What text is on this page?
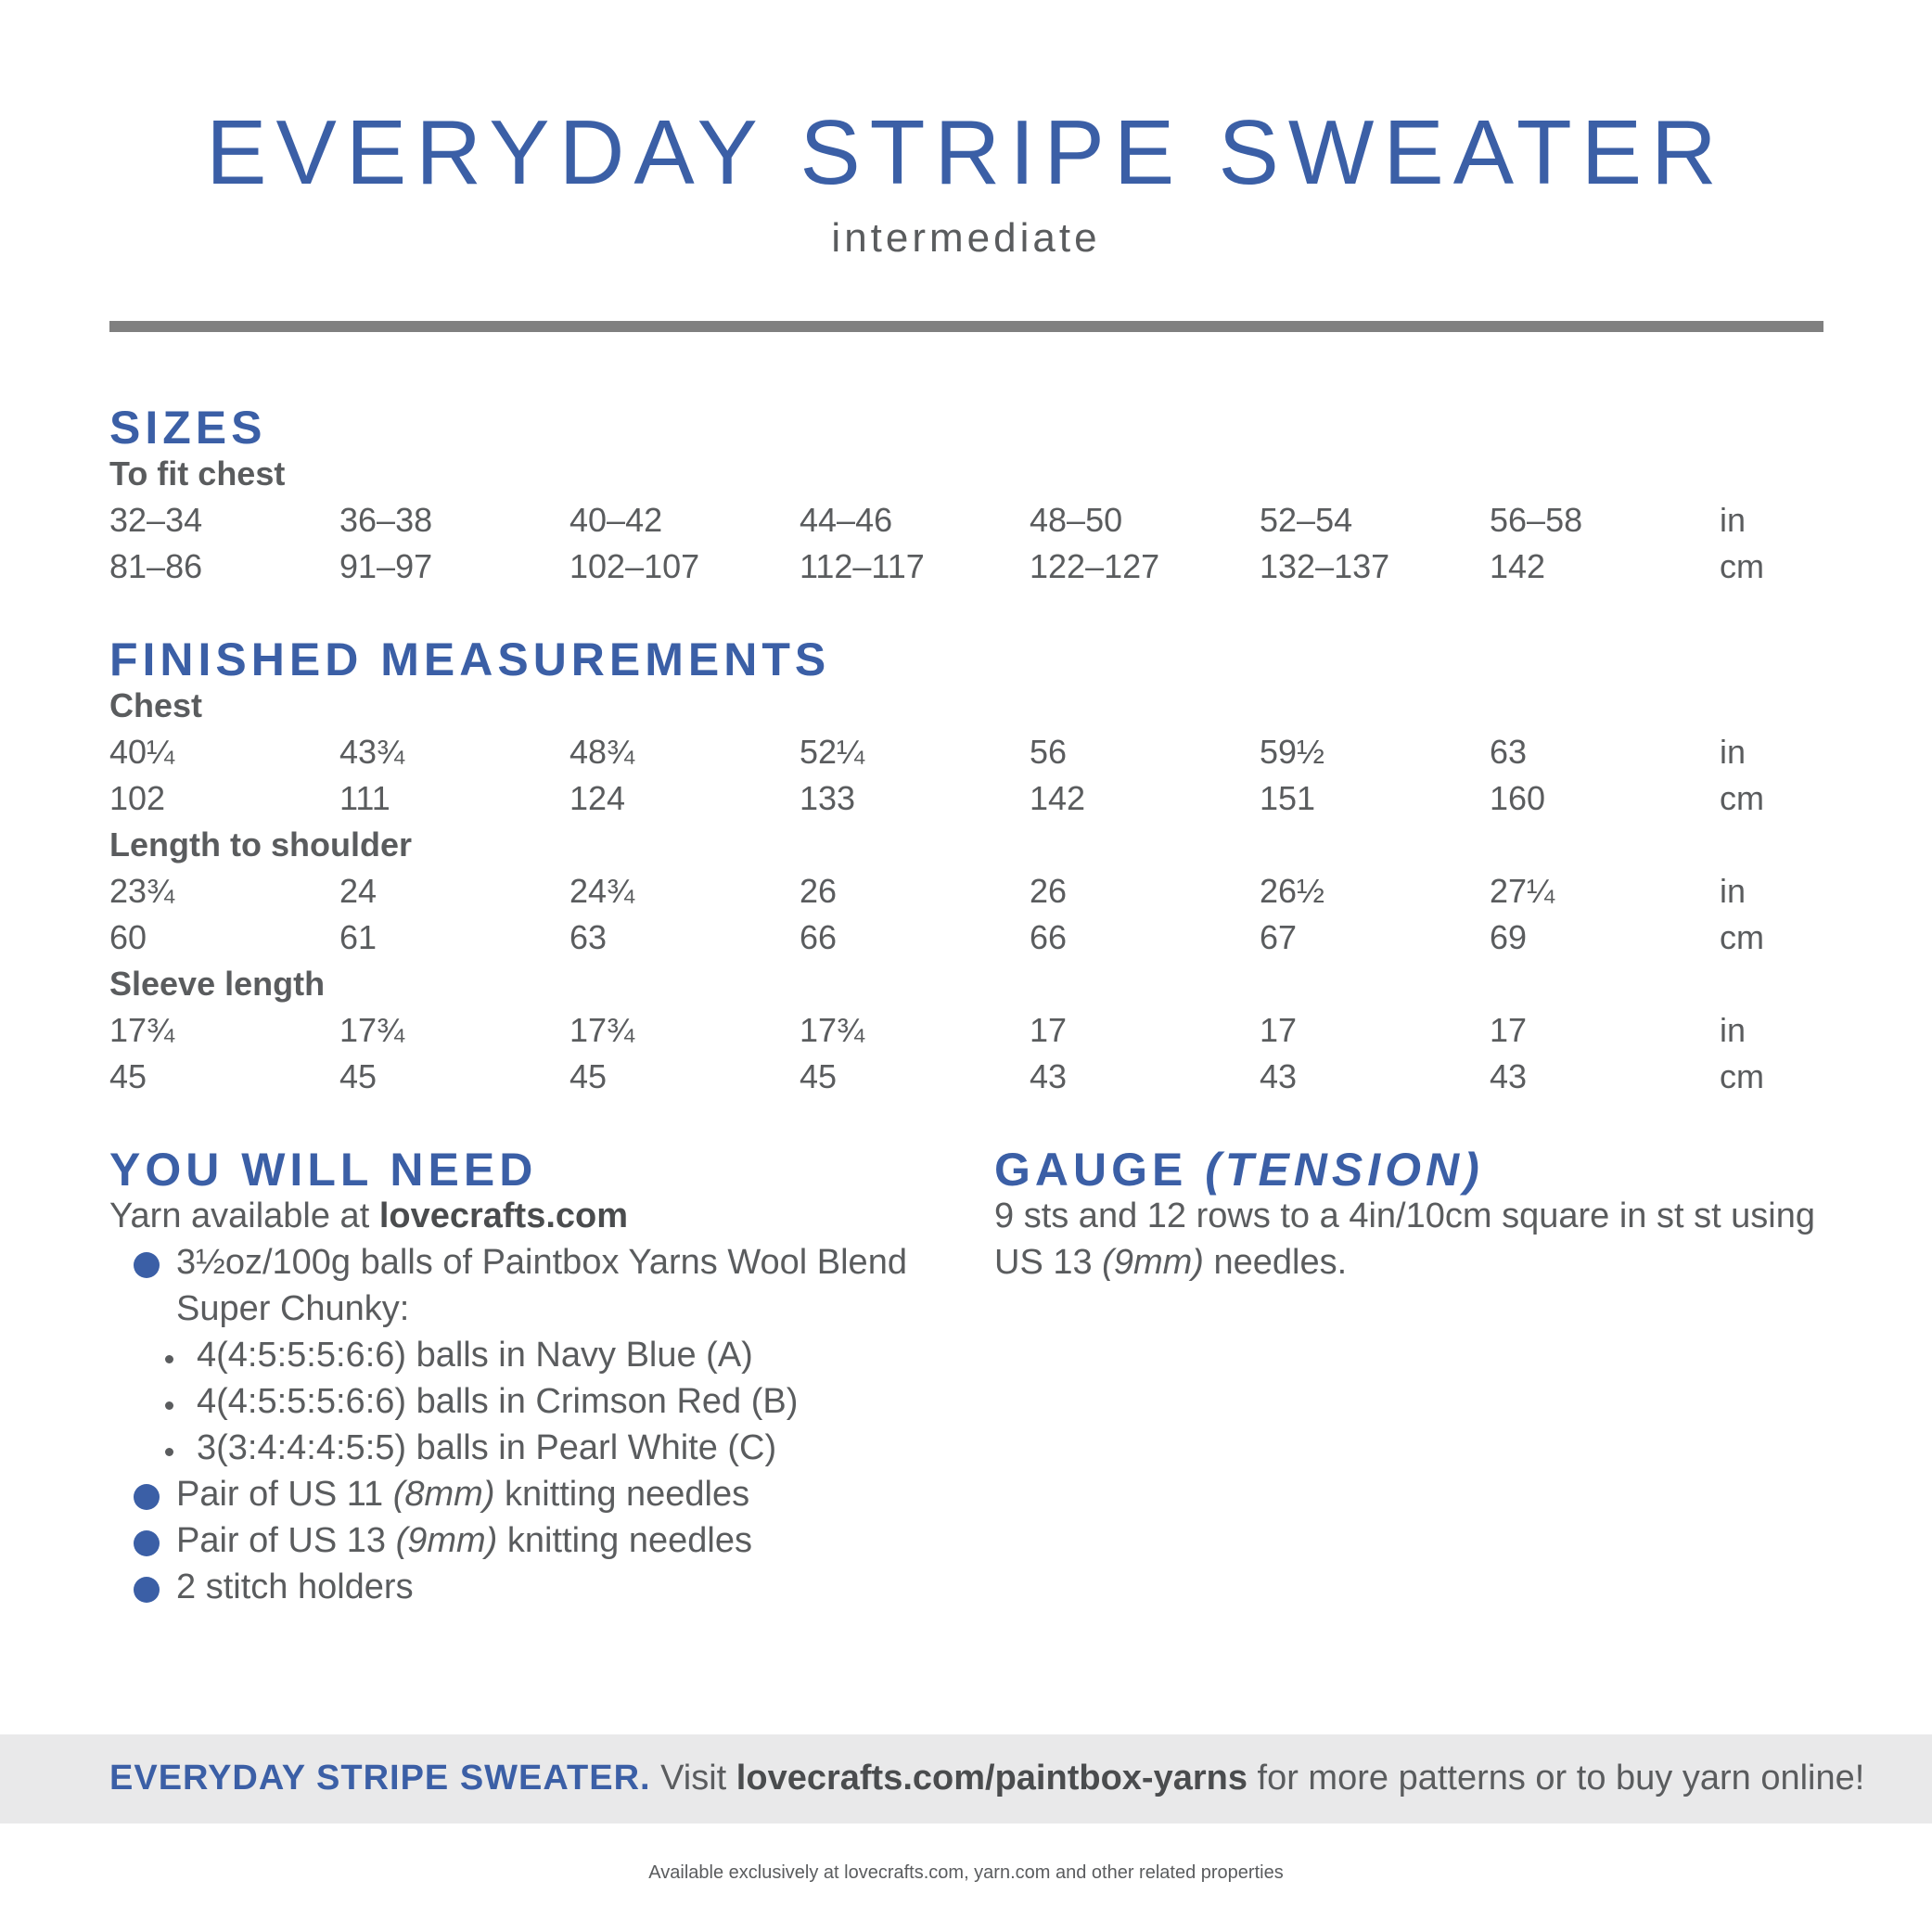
EVERYDAY STRIPE SWEATER
intermediate
SIZES
To fit chest
32–34	36–38	40–42	44–46	48–50	52–54	56–58	in
81–86	91–97	102–107	112–117	122–127	132–137	142	cm
FINISHED MEASUREMENTS
Chest
40¼	43¾	48¾	52¼	56	59½	63	in
102	111	124	133	142	151	160	cm
Length to shoulder
23¾	24	24¾	26	26	26½	27¼	in
60	61	63	66	66	67	69	cm
Sleeve length
17¾	17¾	17¾	17¾	17	17	17	in
45	45	45	45	43	43	43	cm
YOU WILL NEED
Yarn available at lovecrafts.com
3½oz/100g balls of Paintbox Yarns Wool Blend
Super Chunky:
4(4:5:5:5:6:6) balls in Navy Blue (A)
4(4:5:5:5:6:6) balls in Crimson Red (B)
3(3:4:4:4:5:5) balls in Pearl White (C)
Pair of US 11 (8mm) knitting needles
Pair of US 13 (9mm) knitting needles
2 stitch holders
GAUGE (TENSION)
9 sts and 12 rows to a 4in/10cm square in st st using
US 13 (9mm) needles.
EVERYDAY STRIPE SWEATER. Visit lovecrafts.com/paintbox-yarns for more patterns or to buy yarn online!
Available exclusively at lovecrafts.com, yarn.com and other related properties
